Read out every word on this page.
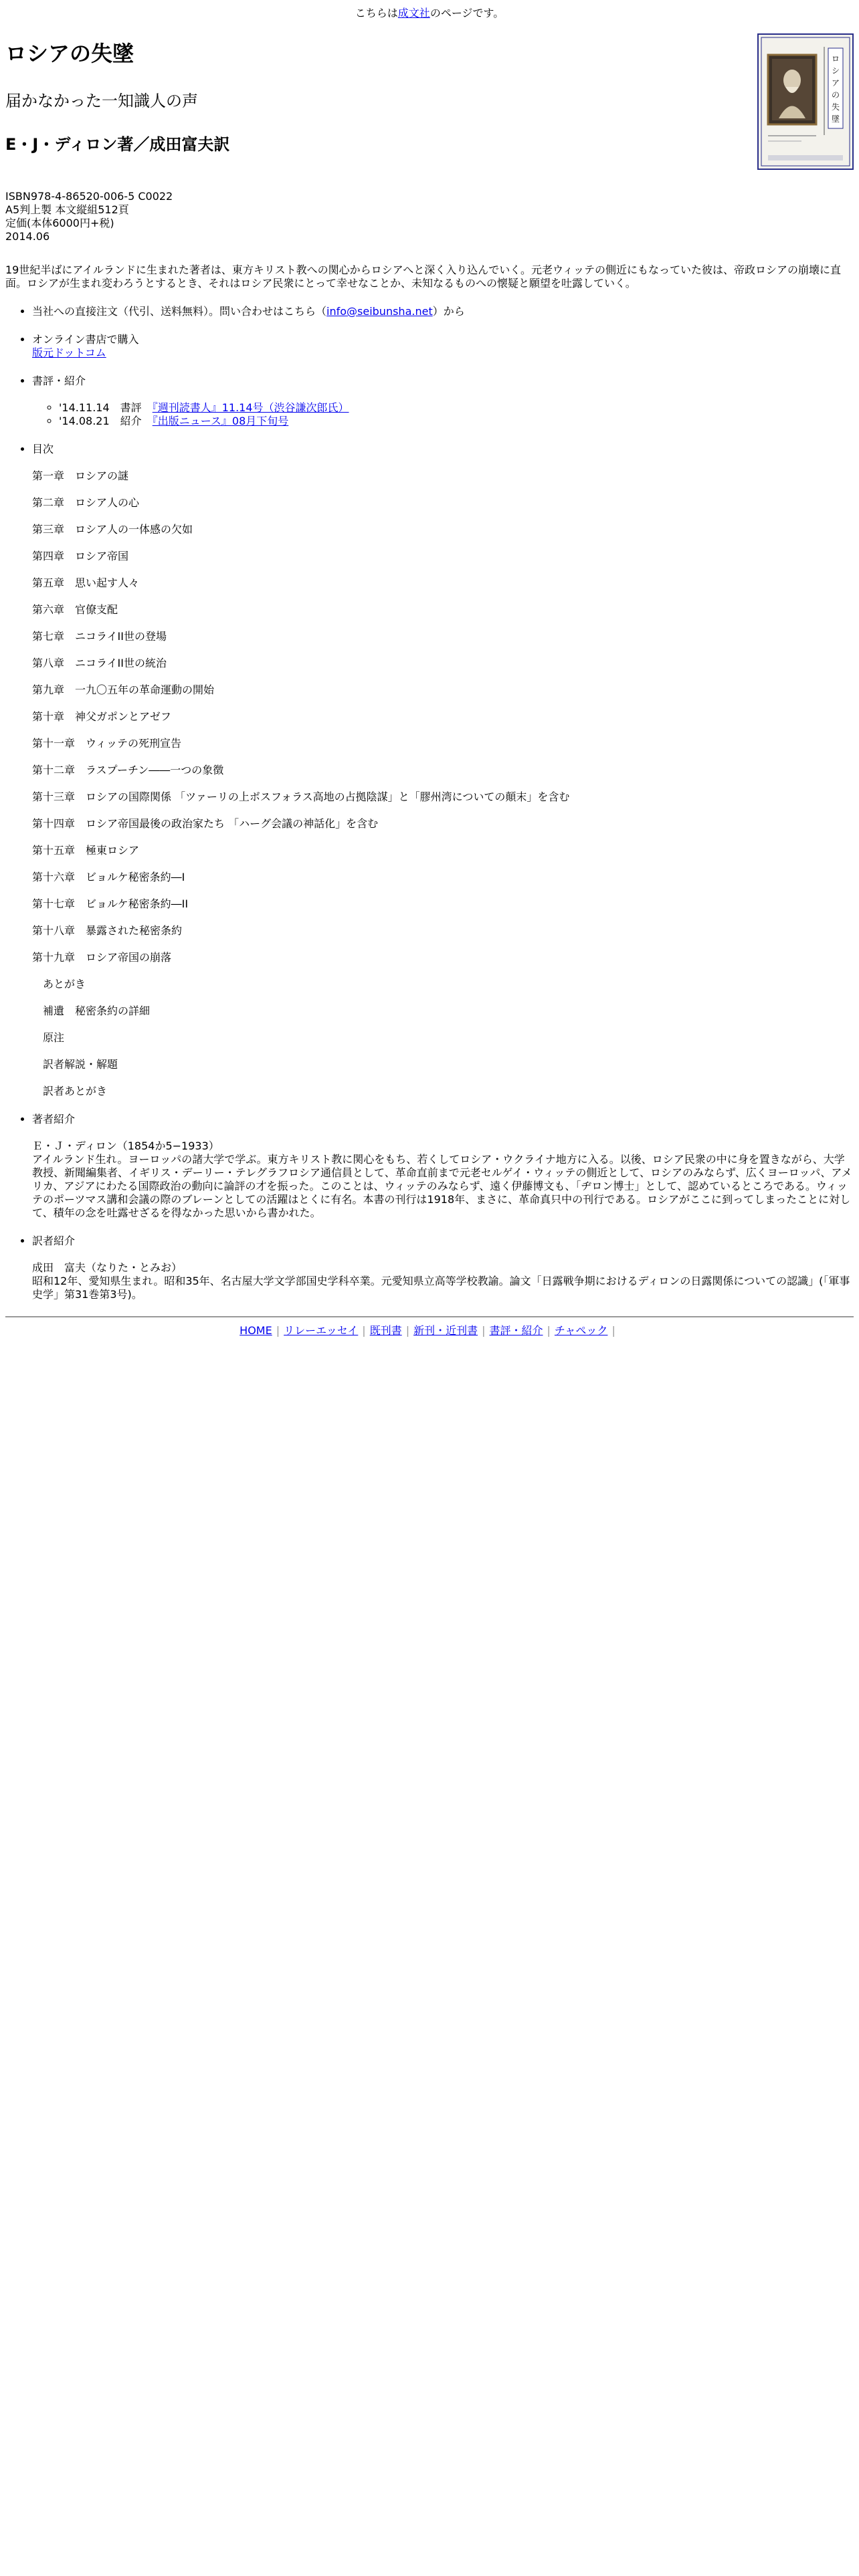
こちらは成文社のページです。

ロ
シ
ア
の
失
墜
ロシアの失墜
届かなかった一知識人の声
E・J・ディロン著／成田富夫訳
ISBN978-4-86520-006-5 C0022
A5判上製 本文縦組512頁
定価(本体6000円+税)
2014.06
19世紀半ばにアイルランドに生まれた著者は、東方キリスト教への関心からロシアへと深く入り込んでいく。元老ウィッテの側近にもなっていた彼は、帝政ロシアの崩壊に直面。ロシアが生まれ変わろうとするとき、それはロシア民衆にとって幸せなことか、未知なるものへの懐疑と願望を吐露していく。
• 当社への直接注文（代引、送料無料）。問い合わせはこちら（info@seibunsha.net）から
• オンライン書店で購入
版元ドットコム
• 書評・紹介
◦ '14.11.14　 書評　 『週刊読書人』11.14号（渋谷謙次郎氏）
◦ '14.08.21　 紹介　 『出版ニュース』08月下旬号
• 目次
第一章　ロシアの謎
第二章　ロシア人の心
第三章　ロシア人の一体感の欠如
第四章　ロシア帝国
第五章　思い起す人々
第六章　官僚支配
第七章　ニコライII世の登場
第八章　ニコライII世の統治
第九章　一九〇五年の革命運動の開始
第十章　神父ガポンとアゼフ
第十一章　ウィッテの死刑宣告
第十二章　ラスプーチン――一つの象徴
第十三章　ロシアの国際関係 「ツァーリの上ボスフォラス高地の占拠陰謀」と「膠州湾についての顛末」を含む
第十四章　ロシア帝国最後の政治家たち 「ハーグ会議の神話化」を含む
第十五章　極東ロシア
第十六章　ビョルケ秘密条約―I
第十七章　ビョルケ秘密条約―II
第十八章　暴露された秘密条約
第十九章　ロシア帝国の崩落
あとがき
補遺　秘密条約の詳細
原注
訳者解説・解題
訳者あとがき
• 著者紹介
Ｅ・Ｊ・ディロン（1854か5−1933）
アイルランド生れ。ヨーロッパの諸大学で学ぶ。東方キリスト教に関心をもち、若くしてロシア・ウクライナ地方に入る。以後、ロシア民衆の中に身を置きながら、大学教授、新聞編集者、イギリス・デーリー・テレグラフロシア通信員として、革命直前まで元老セルゲイ・ウィッテの側近として、ロシアのみならず、広くヨーロッパ、アメリカ、アジアにわたる国際政治の動向に論評の才を振った。このことは、ウィッテのみならず、遠く伊藤博文も、「ヂロン博士」として、認めているところである。ウィッテのポーツマス講和会議の際のブレーンとしての活躍はとくに有名。本書の刊行は1918年、まさに、革命真只中の刊行である。ロシアがここに到ってしまったことに対して、積年の念を吐露せざるを得なかった思いから書かれた。
• 訳者紹介
成田　富夫（なりた・とみお）
昭和12年、愛知県生まれ。昭和35年、名古屋大学文学部国史学科卒業。元愛知県立高等学校教諭。論文「日露戦争期におけるディロンの日露関係についての認識」(「軍事史学」第31巻第3号)。
HOME | リレーエッセイ | 既刊書 | 新刊・近刊書 | 書評・紹介 | チャペック |
